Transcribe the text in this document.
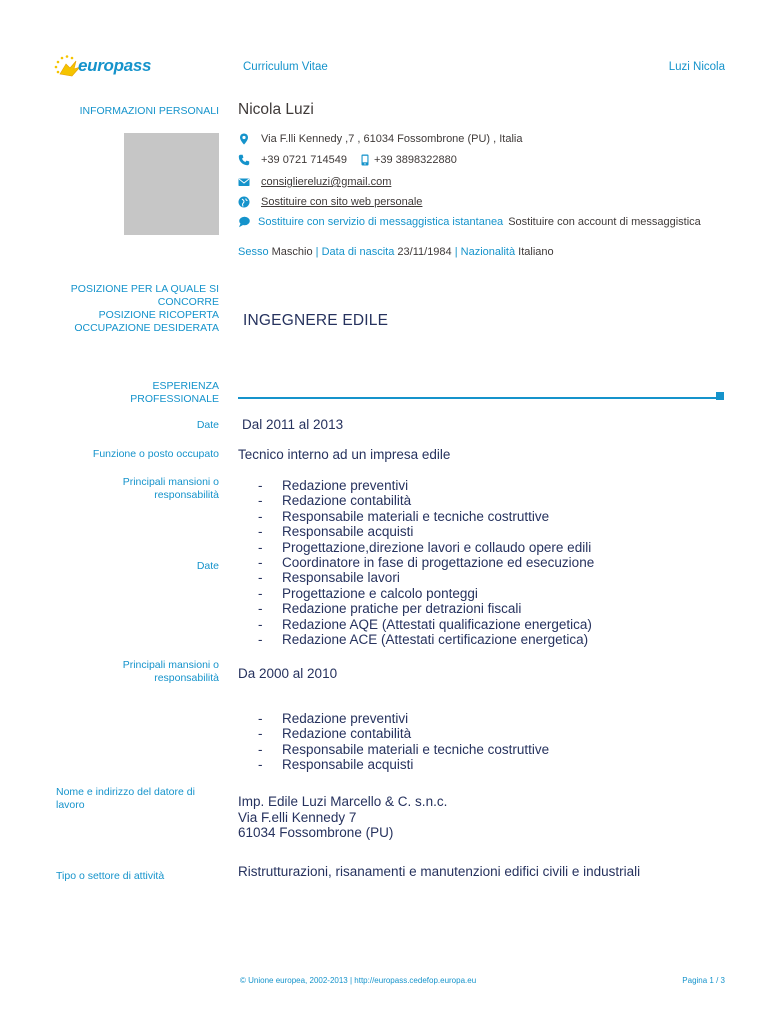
europass	Curriculum Vitae	Luzi Nicola
INFORMAZIONI PERSONALI Nicola Luzi
Via F.lli Kennedy ,7 , 61034 Fossombrone (PU) , Italia
+39 0721 714549 +39 3898322880
consigliereluzi@gmail.com
Sostituire con sito web personale
Sostituire con servizio di messaggistica istantanea Sostituire con account di messaggistica
Sesso Maschio | Data di nascita 23/11/1984 | Nazionalità Italiano
POSIZIONE PER LA QUALE SI
CONCORRE
POSIZIONE RICOPERTA
OCCUPAZIONE DESIDERATA INGEGNERE EDILE
ESPERIENZA
PROFESSIONALE
Date Dal 2011 al 2013
Funzione o posto occupato Tecnico interno ad un impresa edile
Principali mansioni o
responsabilità
-	Redazione preventivi
-	Redazione contabilità
-	Responsabile materiali e tecniche costruttive
-	Responsabile acquisti
-	Progettazione,direzione lavori e collaudo opere edili
-	Coordinatore in fase di progettazione ed esecuzione
-	Responsabile lavori
-	Progettazione e calcolo ponteggi
-	Redazione pratiche per detrazioni fiscali
-	Redazione AQE (Attestati qualificazione energetica)
-	Redazione ACE (Attestati certificazione energetica)
Date
Principali mansioni o
responsabilità Da 2000 al 2010
-	Redazione preventivi
-	Redazione contabilità
-	Responsabile materiali e tecniche costruttive
-	Responsabile acquisti
Nome e indirizzo del datore di
lavoro	Imp. Edile Luzi Marcello & C. s.n.c.
Via F.elli Kennedy 7
61034 Fossombrone (PU)
Tipo o settore di attività	Ristrutturazioni, risanamenti e manutenzioni edifici civili e industriali
© Unione europea, 2002-2013 | http://europass.cedefop.europa.eu	Pagina 1 / 3
